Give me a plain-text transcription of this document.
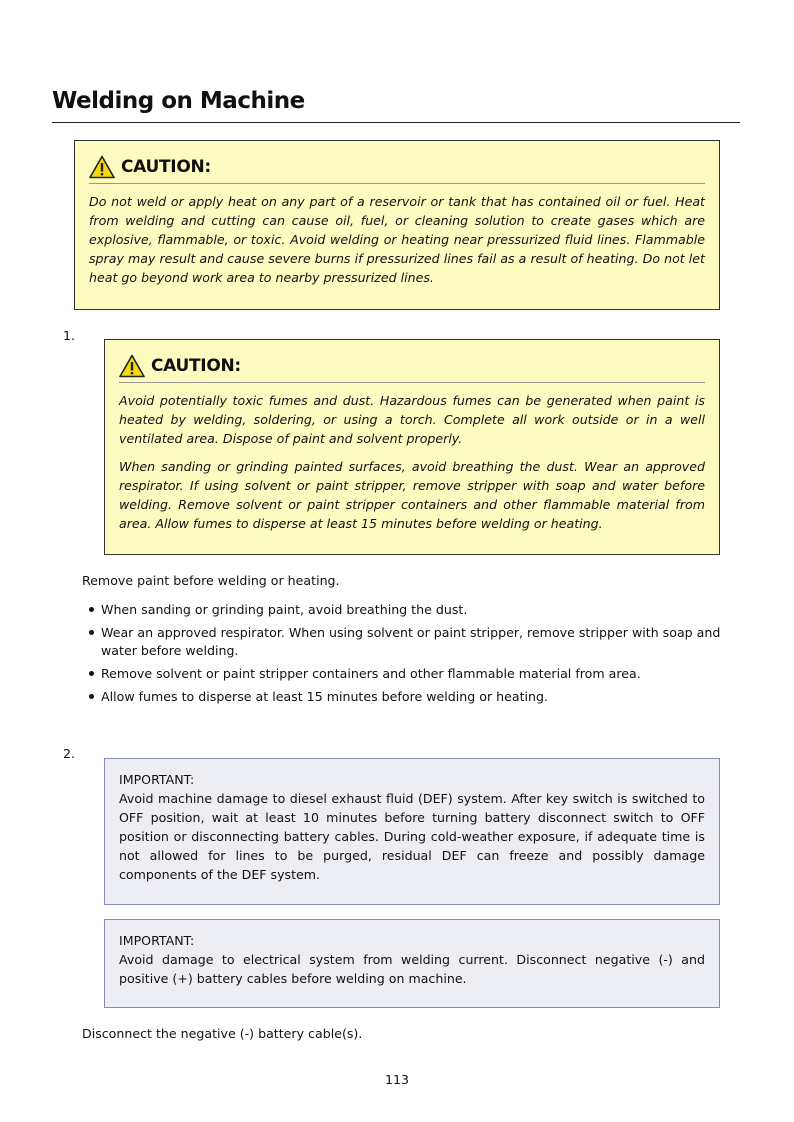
Welding on Machine
CAUTION:

Do not weld or apply heat on any part of a reservoir or tank that has contained oil or fuel. Heat from welding and cutting can cause oil, fuel, or cleaning solution to create gases which are explosive, flammable, or toxic. Avoid welding or heating near pressurized fluid lines. Flammable spray may result and cause severe burns if pressurized lines fail as a result of heating. Do not let heat go beyond work area to nearby pressurized lines.

1.
CAUTION:

Avoid potentially toxic fumes and dust. Hazardous fumes can be generated when paint is heated by welding, soldering, or using a torch. Complete all work outside or in a well ventilated area. Dispose of paint and solvent properly.

When sanding or grinding painted surfaces, avoid breathing the dust. Wear an approved respirator. If using solvent or paint stripper, remove stripper with soap and water before welding. Remove solvent or paint stripper containers and other flammable material from area. Allow fumes to disperse at least 15 minutes before welding or heating.

Remove paint before welding or heating.

When sanding or grinding paint, avoid breathing the dust.
Wear an approved respirator. When using solvent or paint stripper, remove stripper with soap and water before welding.
Remove solvent or paint stripper containers and other flammable material from area.
Allow fumes to disperse at least 15 minutes before welding or heating.
2.

IMPORTANT:

Avoid machine damage to diesel exhaust fluid (DEF) system. After key switch is switched to OFF position, wait at least 10 minutes before turning battery disconnect switch to OFF position or disconnecting battery cables. During cold-weather exposure, if adequate time is not allowed for lines to be purged, residual DEF can freeze and possibly damage components of the DEF system.

IMPORTANT:

Avoid damage to electrical system from welding current. Disconnect negative (-) and positive (+) battery cables before welding on machine.

Disconnect the negative (-) battery cable(s).

113
